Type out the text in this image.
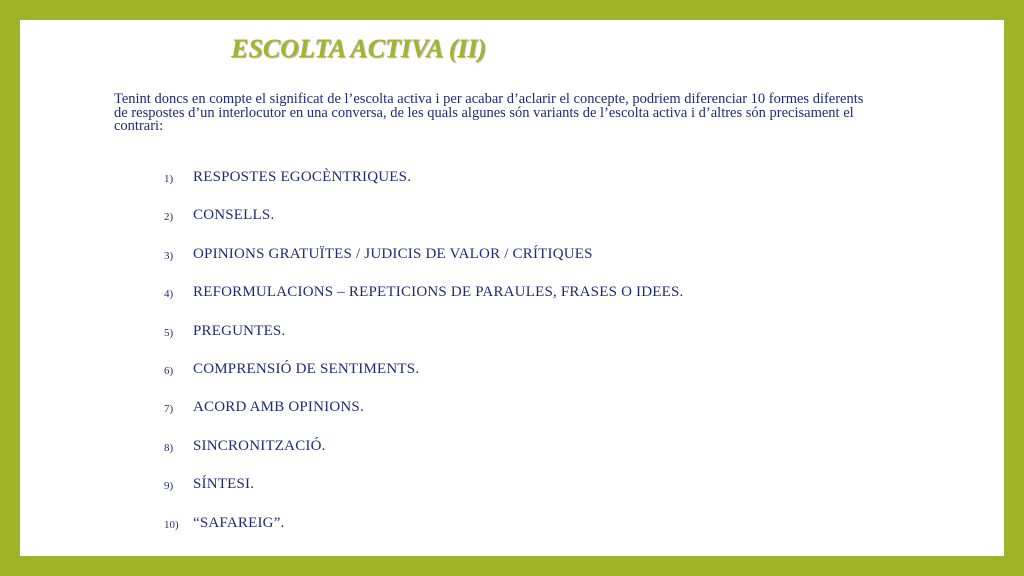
ESCOLTA ACTIVA (II)

Tenint doncs en compte el significat de l’escolta activa i per acabar d’aclarir el concepte, podriem diferenciar 10 formes diferents de respostes d’un interlocutor en una conversa, de les quals algunes són variants de l’escolta activa i d’altres són precisament el contrari:

1)	RESPOSTES EGOCÈNTRIQUES.
2)	CONSELLS.
3)	OPINIONS GRATUÏTES / JUDICIS DE VALOR / CRÍTIQUES
4)	REFORMULACIONS – REPETICIONS DE PARAULES, FRASES O IDEES.
5)	PREGUNTES.
6)	COMPRENSIÓ DE SENTIMENTS.
7)	ACORD AMB OPINIONS.
8)	SINCRONITZACIÓ.
9)	SÍNTESI.
10) “SAFAREIG”.
